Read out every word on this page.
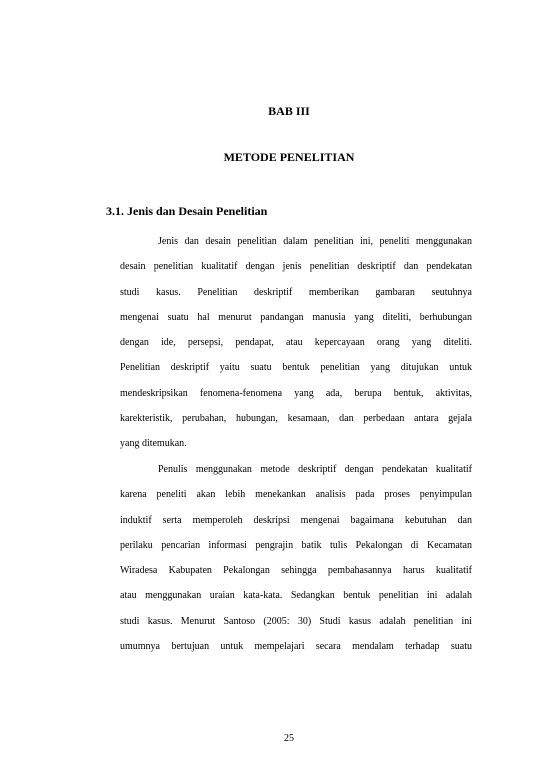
BAB III
METODE PENELITIAN
3.1. Jenis dan Desain Penelitian
Jenis dan desain penelitian dalam penelitian ini, peneliti menggunakan
desain penelitian kualitatif dengan jenis penelitian deskriptif dan pendekatan
studi kasus. Penelitian deskriptif memberikan gambaran seutuhnya
mengenai suatu hal menurut pandangan manusia yang diteliti, berhubungan
dengan ide, persepsi, pendapat, atau kepercayaan orang yang diteliti.
Penelitian deskriptif yaitu suatu bentuk penelitian yang ditujukan untuk
mendeskripsikan fenomena-fenomena yang ada, berupa bentuk, aktivitas,
karekteristik, perubahan, hubungan, kesamaan, dan perbedaan antara gejala
yang ditemukan.
Penulis menggunakan metode deskriptif dengan pendekatan kualitatif
karena peneliti akan lebih menekankan analisis pada proses penyimpulan
induktif serta memperoleh deskripsi mengenai bagaimana kebutuhan dan
perilaku pencarian informasi pengrajin batik tulis Pekalongan di Kecamatan
Wiradesa Kabupaten Pekalongan sehingga pembahasannya harus kualitatif
atau menggunakan uraian kata-kata. Sedangkan bentuk penelitian ini adalah
studi kasus. Menurut Santoso (2005: 30) Studi kasus adalah penelitian ini
umumnya bertujuan untuk mempelajari secara mendalam terhadap suatu
25
